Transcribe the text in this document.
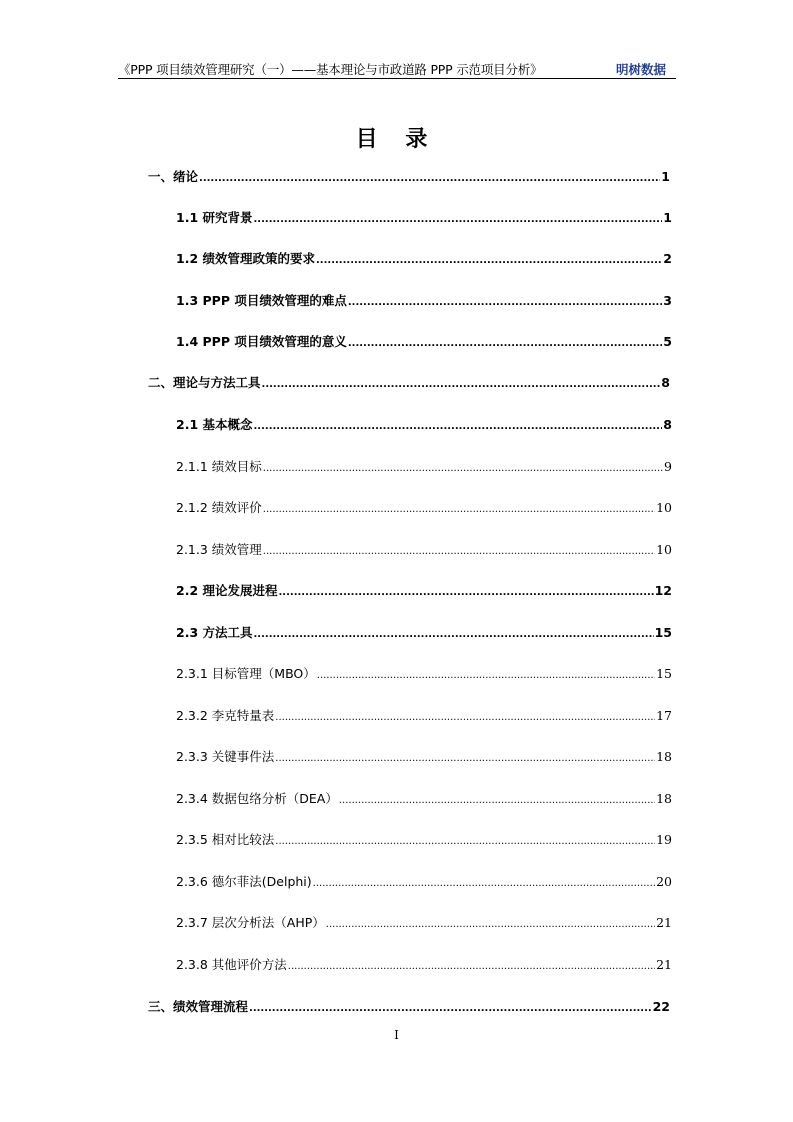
《PPP 项目绩效管理研究（一）——基本理论与市政道路 PPP 示范项目分析》	明树数据
目 录
一、绪论 .....	1
1.1 研究背景 .....	1
1.2 绩效管理政策的要求 .....	2
1.3 PPP 项目绩效管理的难点 .....	3
1.4 PPP 项目绩效管理的意义 .....	5
二、理论与方法工具 .....	8
2.1 基本概念 .....	8
2.1.1 绩效目标 .....	9
2.1.2 绩效评价 .....	10
2.1.3 绩效管理 .....	10
2.2 理论发展进程 .....	12
2.3 方法工具 .....	15
2.3.1 目标管理（MBO） .....	15
2.3.2 李克特量表 .....	17
2.3.3 关键事件法 .....	18
2.3.4 数据包络分析（DEA） .....	18
2.3.5 相对比较法 .....	19
2.3.6 德尔菲法(Delphi) .....	20
2.3.7 层次分析法（AHP） .....	21
2.3.8 其他评价方法 .....	21
三、绩效管理流程 .....	22
I
